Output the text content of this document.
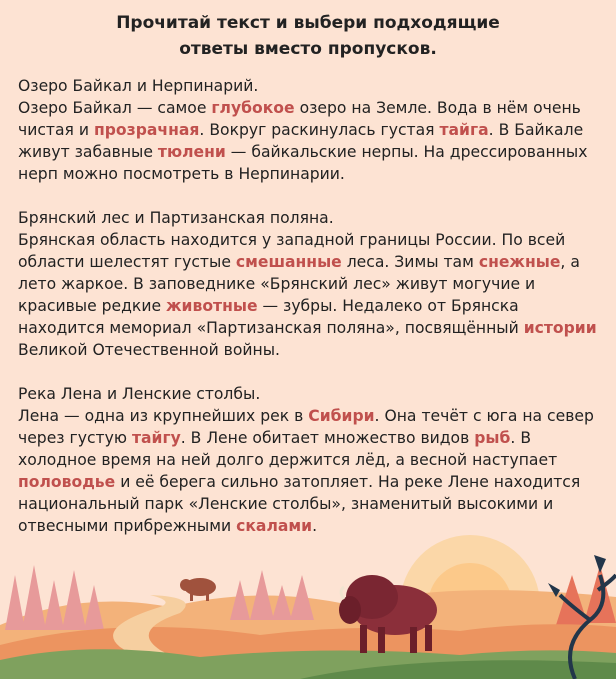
Прочитай текст и выбери подходящие
ответы вместо пропусков.

Озеро Байкал и Нерпинарий.

Озеро Байкал — самое глубокое озеро на Земле. Вода в нём очень чистая и прозрачная. Вокруг раскинулась густая тайга. В Байкале живут забавные тюлени — байкальские нерпы. На дрессированных нерп можно посмотреть в Нерпинарии.

Брянский лес и Партизанская поляна.

Брянская область находится у западной границы России. По всей области шелестят густые смешанные леса. Зимы там снежные, а лето жаркое. В заповеднике «Брянский лес» живут могучие и красивые редкие животные — зубры. Недалеко от Брянска находится мемориал «Партизанская поляна», посвящённый истории Великой Отечественной войны.

Река Лена и Ленские столбы.

Лена — одна из крупнейших рек в Сибири. Она течёт с юга на север через густую тайгу. В Лене обитает множество видов рыб. В холодное время на ней долго держится лёд, а весной наступает половодье и её берега сильно затопляет. На реке Лене находится национальный парк «Ленские столбы», знаменитый высокими и отвесными прибрежными скалами.
